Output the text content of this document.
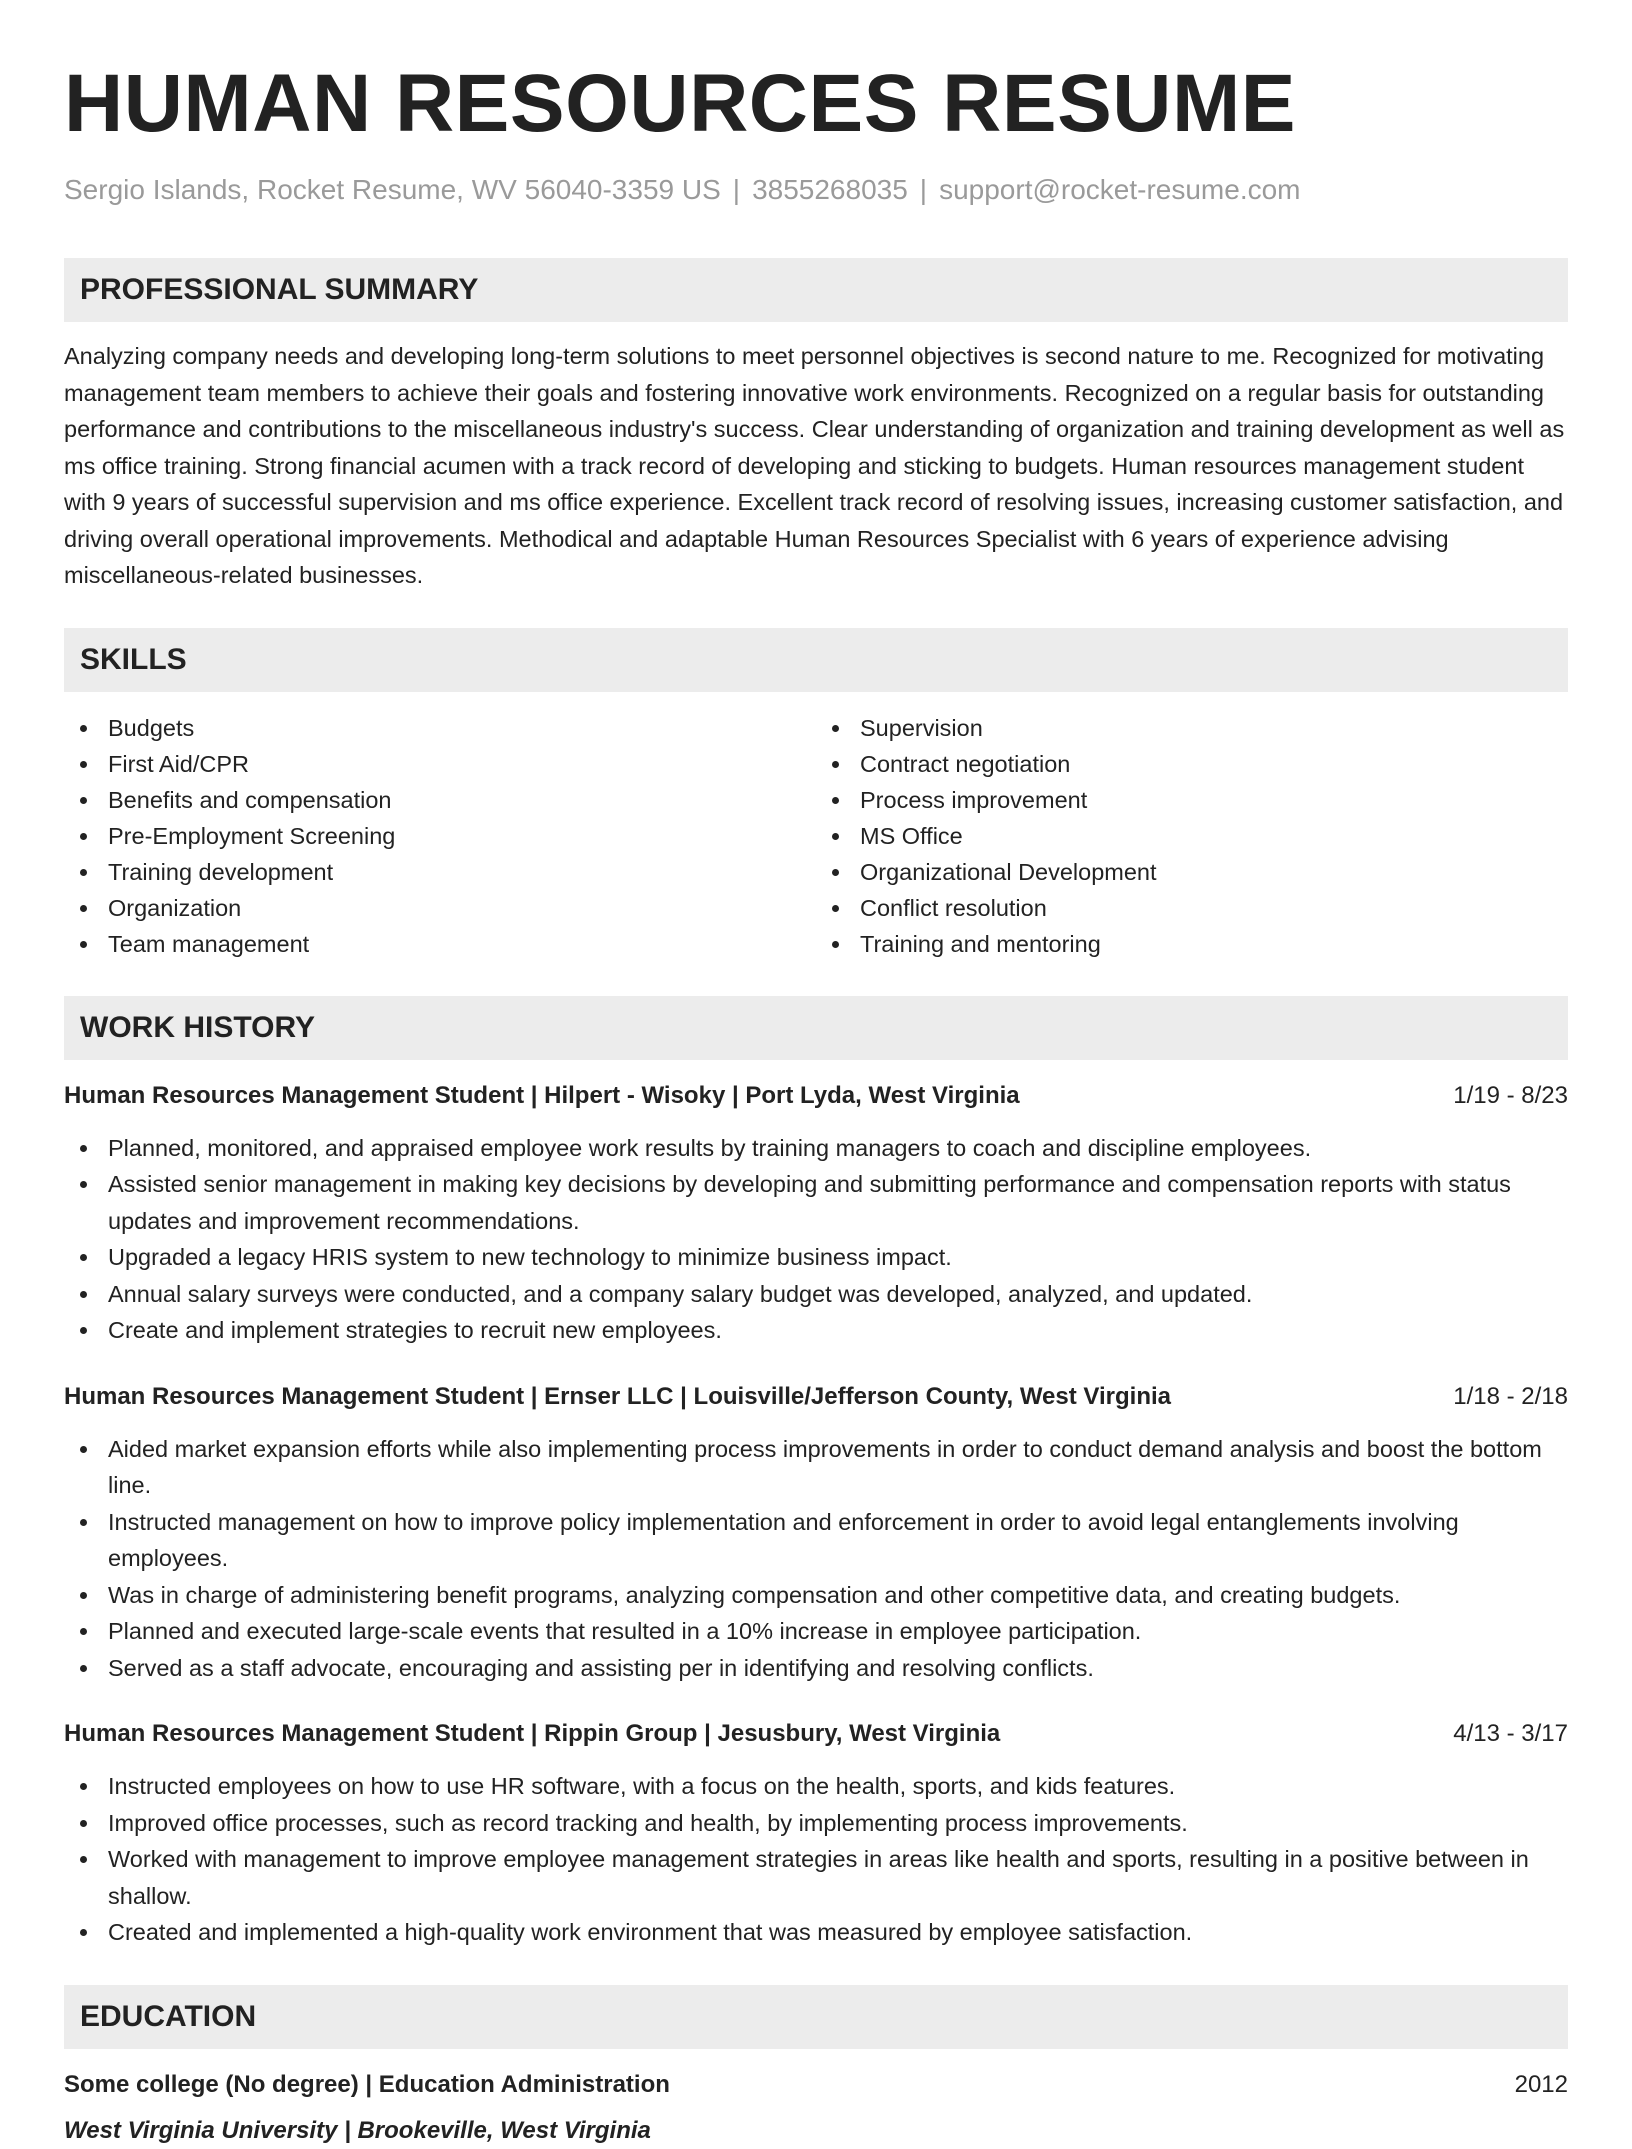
HUMAN RESOURCES RESUME
Sergio Islands, Rocket Resume, WV 56040-3359 US | 3855268035 | support@rocket-resume.com
PROFESSIONAL SUMMARY

Analyzing company needs and developing long-term solutions to meet personnel objectives is second nature to me. Recognized for motivating management team members to achieve their goals and fostering innovative work environments. Recognized on a regular basis for outstanding performance and contributions to the miscellaneous industry's success. Clear understanding of organization and training development as well as ms office training. Strong financial acumen with a track record of developing and sticking to budgets. Human resources management student with 9 years of successful supervision and ms office experience. Excellent track record of resolving issues, increasing customer satisfaction, and driving overall operational improvements. Methodical and adaptable Human Resources Specialist with 6 years of experience advising miscellaneous-related businesses.

SKILLS
Budgets
First Aid/CPR
Benefits and compensation
Pre-Employment Screening
Training development
Organization
Team management
Supervision
Contract negotiation
Process improvement
MS Office
Organizational Development
Conflict resolution
Training and mentoring
WORK HISTORY
Human Resources Management Student | Hilpert - Wisoky | Port Lyda, West Virginia	1/19 - 8/23
Planned, monitored, and appraised employee work results by training managers to coach and discipline employees.
Assisted senior management in making key decisions by developing and submitting performance and compensation reports with status updates and improvement recommendations.
Upgraded a legacy HRIS system to new technology to minimize business impact.
Annual salary surveys were conducted, and a company salary budget was developed, analyzed, and updated.
Create and implement strategies to recruit new employees.
Human Resources Management Student | Ernser LLC | Louisville/Jefferson County, West Virginia	1/18 - 2/18
Aided market expansion efforts while also implementing process improvements in order to conduct demand analysis and boost the bottom line.
Instructed management on how to improve policy implementation and enforcement in order to avoid legal entanglements involving employees.
Was in charge of administering benefit programs, analyzing compensation and other competitive data, and creating budgets.
Planned and executed large-scale events that resulted in a 10% increase in employee participation.
Served as a staff advocate, encouraging and assisting per in identifying and resolving conflicts.
Human Resources Management Student | Rippin Group | Jesusbury, West Virginia	4/13 - 3/17
Instructed employees on how to use HR software, with a focus on the health, sports, and kids features.
Improved office processes, such as record tracking and health, by implementing process improvements.
Worked with management to improve employee management strategies in areas like health and sports, resulting in a positive between in shallow.
Created and implemented a high-quality work environment that was measured by employee satisfaction.
EDUCATION
Some college (No degree) | Education Administration	2012
West Virginia University | Brookeville, West Virginia
